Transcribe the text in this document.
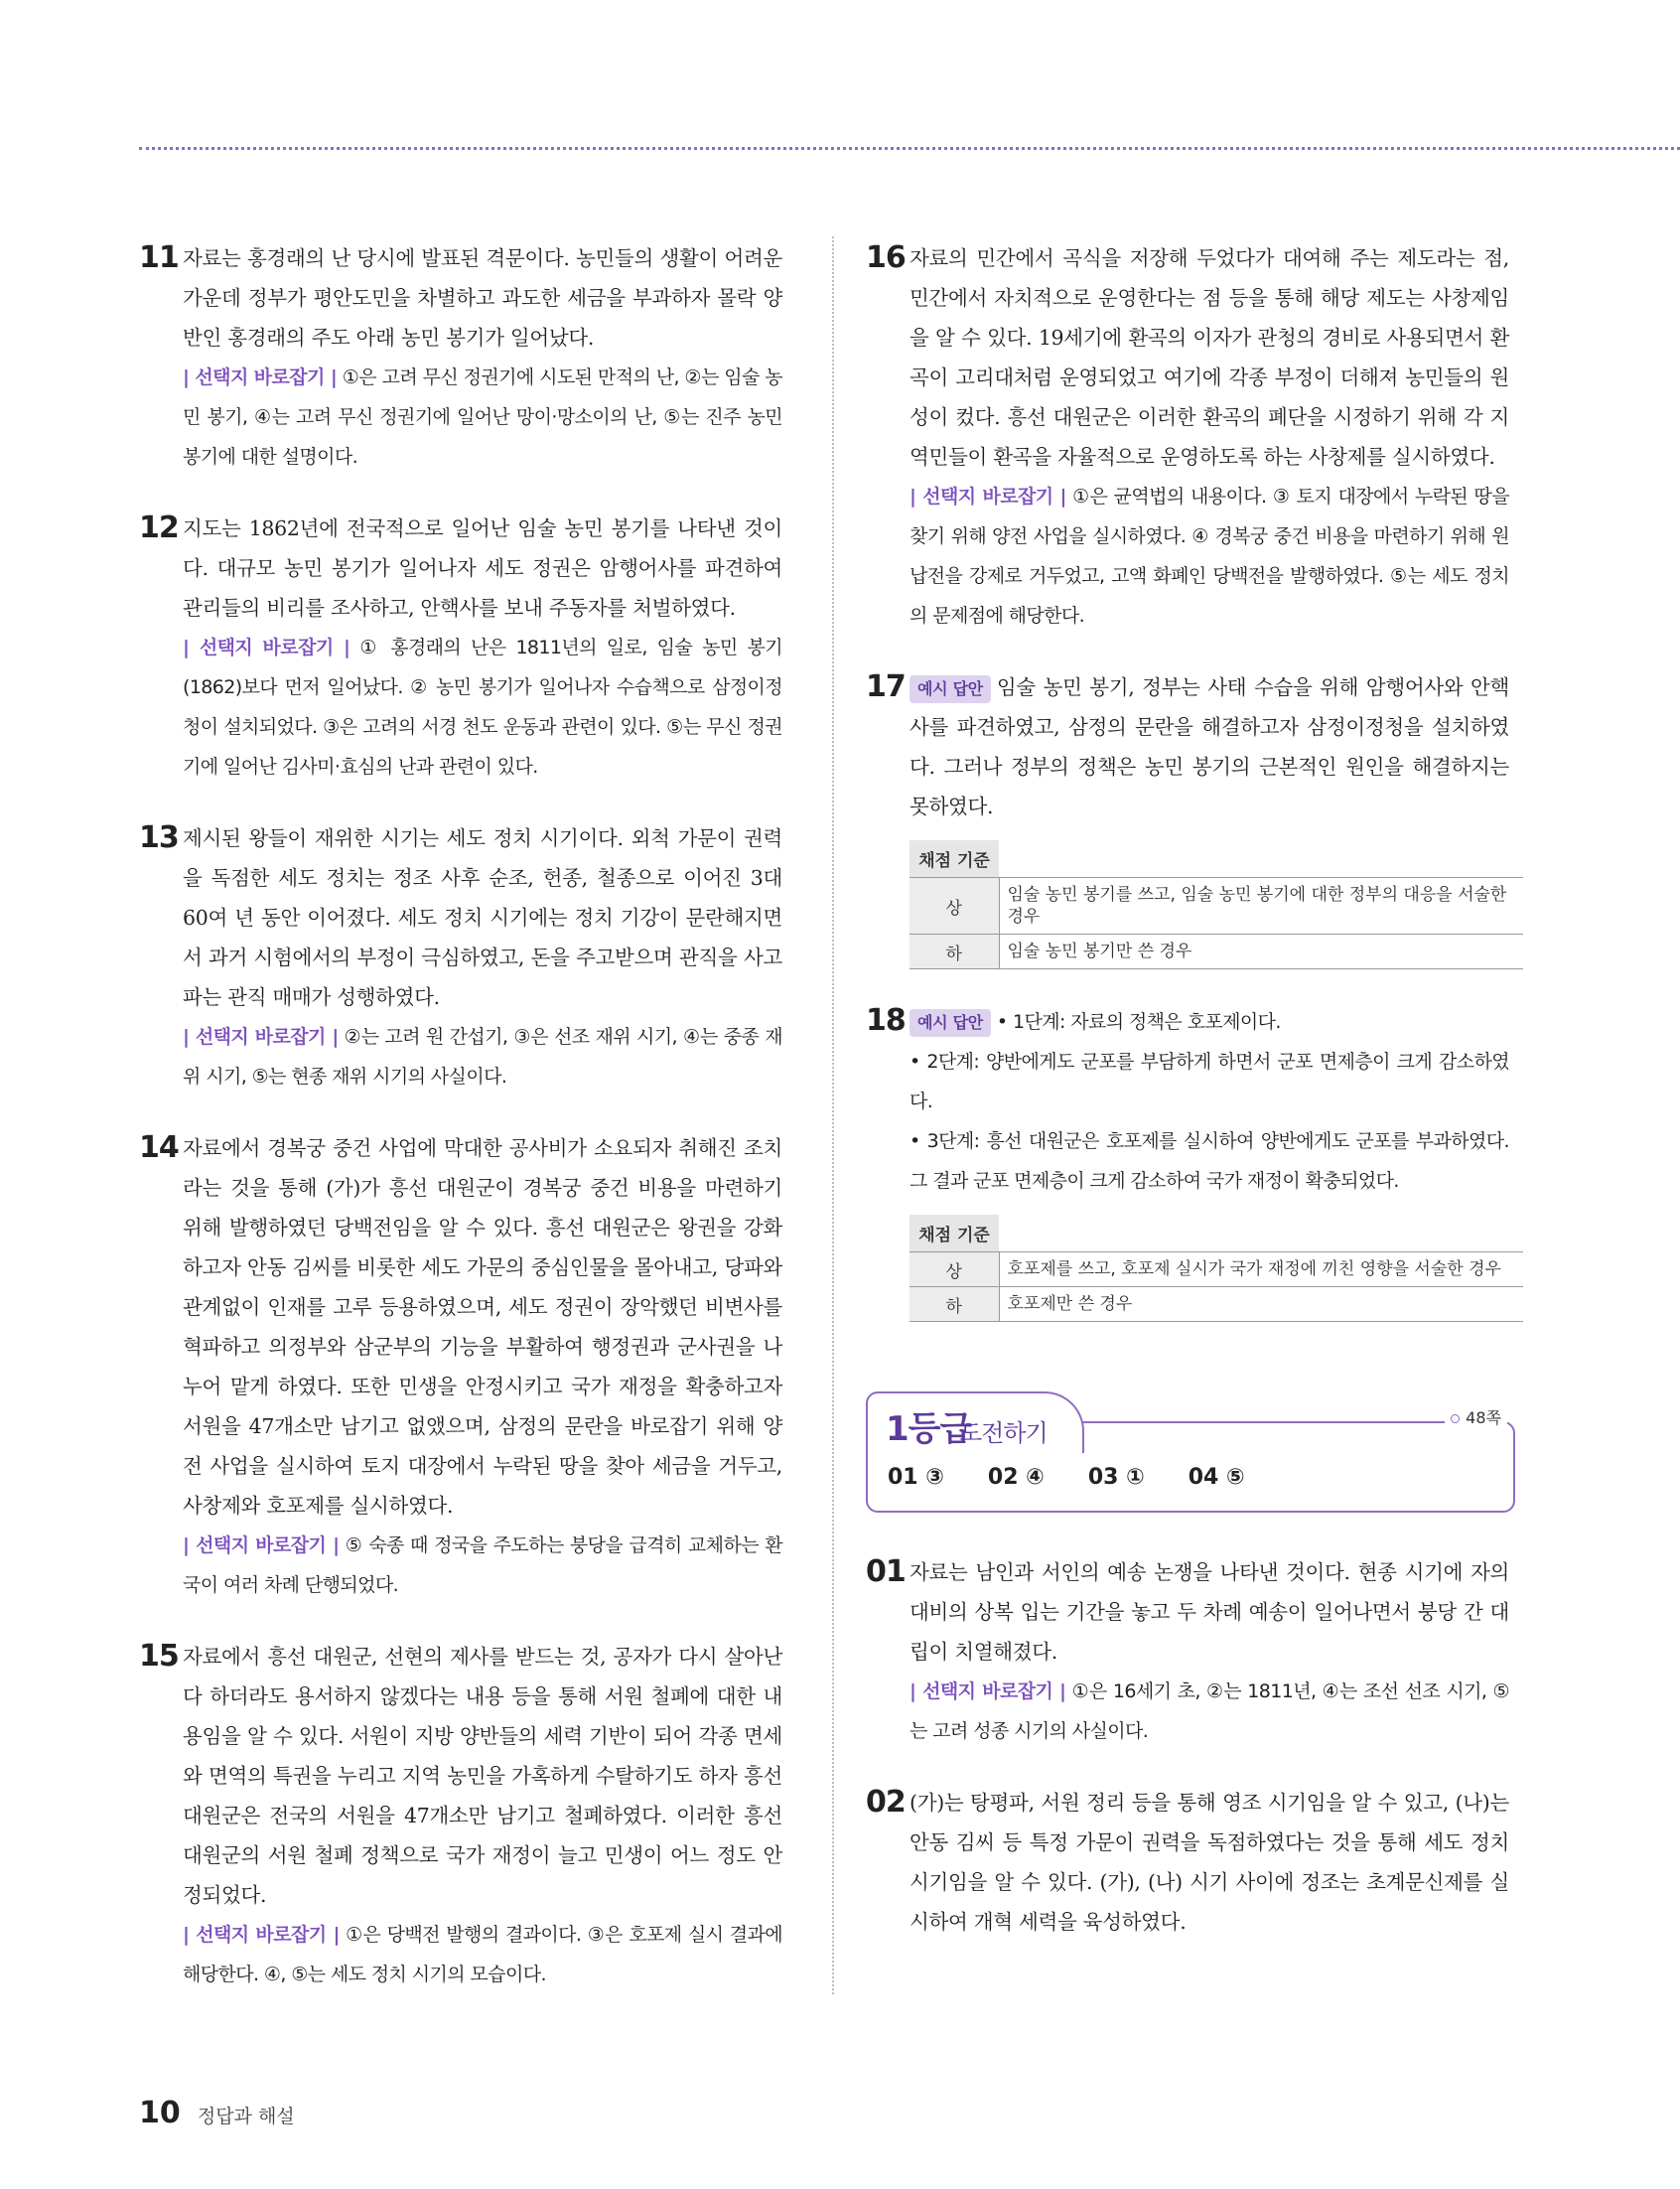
11 자료는 홍경래의 난 당시에 발표된 격문이다. 농민들의 생활이 어려운 가운데 정부가 평안도민을 차별하고 과도한 세금을 부과하자 몰락 양반인 홍경래의 주도 아래 농민 봉기가 일어났다.
| 선택지 바로잡기 | ①은 고려 무신 정권기에 시도된 만적의 난, ②는 임술 농민 봉기, ④는 고려 무신 정권기에 일어난 망이·망소이의 난, ⑤는 진주 농민 봉기에 대한 설명이다.
12 지도는 1862년에 전국적으로 일어난 임술 농민 봉기를 나타낸 것이다. 대규모 농민 봉기가 일어나자 세도 정권은 암행어사를 파견하여 관리들의 비리를 조사하고, 안핵사를 보내 주동자를 처벌하였다.
| 선택지 바로잡기 | ① 홍경래의 난은 1811년의 일로, 임술 농민 봉기(1862)보다 먼저 일어났다. ② 농민 봉기가 일어나자 수습책으로 삼정이정청이 설치되었다. ③은 고려의 서경 천도 운동과 관련이 있다. ⑤는 무신 정권기에 일어난 김사미·효심의 난과 관련이 있다.
13 제시된 왕들이 재위한 시기는 세도 정치 시기이다. 외척 가문이 권력을 독점한 세도 정치는 정조 사후 순조, 헌종, 철종으로 이어진 3대 60여 년 동안 이어졌다. 세도 정치 시기에는 정치 기강이 문란해지면서 과거 시험에서의 부정이 극심하였고, 돈을 주고받으며 관직을 사고파는 관직 매매가 성행하였다.
| 선택지 바로잡기 | ②는 고려 원 간섭기, ③은 선조 재위 시기, ④는 중종 재위 시기, ⑤는 현종 재위 시기의 사실이다.
14 자료에서 경복궁 중건 사업에 막대한 공사비가 소요되자 취해진 조치라는 것을 통해 (가)가 흥선 대원군이 경복궁 중건 비용을 마련하기 위해 발행하였던 당백전임을 알 수 있다. 흥선 대원군은 왕권을 강화하고자 안동 김씨를 비롯한 세도 가문의 중심인물을 몰아내고, 당파와 관계없이 인재를 고루 등용하였으며, 세도 정권이 장악했던 비변사를 혁파하고 의정부와 삼군부의 기능을 부활하여 행정권과 군사권을 나누어 맡게 하였다. 또한 민생을 안정시키고 국가 재정을 확충하고자 서원을 47개소만 남기고 없앴으며, 삼정의 문란을 바로잡기 위해 양전 사업을 실시하여 토지 대장에서 누락된 땅을 찾아 세금을 거두고, 사창제와 호포제를 실시하였다.
| 선택지 바로잡기 | ⑤ 숙종 때 정국을 주도하는 붕당을 급격히 교체하는 환국이 여러 차례 단행되었다.
15 자료에서 흥선 대원군, 선현의 제사를 받드는 것, 공자가 다시 살아난다 하더라도 용서하지 않겠다는 내용 등을 통해 서원 철폐에 대한 내용임을 알 수 있다. 서원이 지방 양반들의 세력 기반이 되어 각종 면세와 면역의 특권을 누리고 지역 농민을 가혹하게 수탈하기도 하자 흥선 대원군은 전국의 서원을 47개소만 남기고 철폐하였다. 이러한 흥선 대원군의 서원 철폐 정책으로 국가 재정이 늘고 민생이 어느 정도 안정되었다.
| 선택지 바로잡기 | ①은 당백전 발행의 결과이다. ③은 호포제 실시 결과에 해당한다. ④, ⑤는 세도 정치 시기의 모습이다.
16 자료의 민간에서 곡식을 저장해 두었다가 대여해 주는 제도라는 점, 민간에서 자치적으로 운영한다는 점 등을 통해 해당 제도는 사창제임을 알 수 있다. 19세기에 환곡의 이자가 관청의 경비로 사용되면서 환곡이 고리대처럼 운영되었고 여기에 각종 부정이 더해져 농민들의 원성이 컸다. 흥선 대원군은 이러한 환곡의 폐단을 시정하기 위해 각 지역민들이 환곡을 자율적으로 운영하도록 하는 사창제를 실시하였다.
| 선택지 바로잡기 | ①은 균역법의 내용이다. ③ 토지 대장에서 누락된 땅을 찾기 위해 양전 사업을 실시하였다. ④ 경복궁 중건 비용을 마련하기 위해 원납전을 강제로 거두었고, 고액 화폐인 당백전을 발행하였다. ⑤는 세도 정치의 문제점에 해당한다.
17 예시 답안 임술 농민 봉기, 정부는 사태 수습을 위해 암행어사와 안핵사를 파견하였고, 삼정의 문란을 해결하고자 삼정이정청을 설치하였다. 그러나 정부의 정책은 농민 봉기의 근본적인 원인을 해결하지는 못하였다.
채점 기준	
상	임술 농민 봉기를 쓰고, 임술 농민 봉기에 대한 정부의 대응을 서술한 경우
하	임술 농민 봉기만 쓴 경우
18 예시 답안 • 1단계: 자료의 정책은 호포제이다.
• 2단계: 양반에게도 군포를 부담하게 하면서 군포 면제층이 크게 감소하였다.
• 3단계: 흥선 대원군은 호포제를 실시하여 양반에게도 군포를 부과하였다. 그 결과 군포 면제층이 크게 감소하여 국가 재정이 확충되었다.
채점 기준	
상	호포제를 쓰고, 호포제 실시가 국가 재정에 끼친 영향을 서술한 경우
하	호포제만 쓴 경우
1등급
도전하기
48쪽
01 ③ 02 ④ 03 ① 04 ⑤
01 자료는 남인과 서인의 예송 논쟁을 나타낸 것이다. 현종 시기에 자의 대비의 상복 입는 기간을 놓고 두 차례 예송이 일어나면서 붕당 간 대립이 치열해졌다.
| 선택지 바로잡기 | ①은 16세기 초, ②는 1811년, ④는 조선 선조 시기, ⑤는 고려 성종 시기의 사실이다.
02 (가)는 탕평파, 서원 정리 등을 통해 영조 시기임을 알 수 있고, (나)는 안동 김씨 등 특정 가문이 권력을 독점하였다는 것을 통해 세도 정치 시기임을 알 수 있다. (가), (나) 시기 사이에 정조는 초계문신제를 실시하여 개혁 세력을 육성하였다.
10 정답과 해설
